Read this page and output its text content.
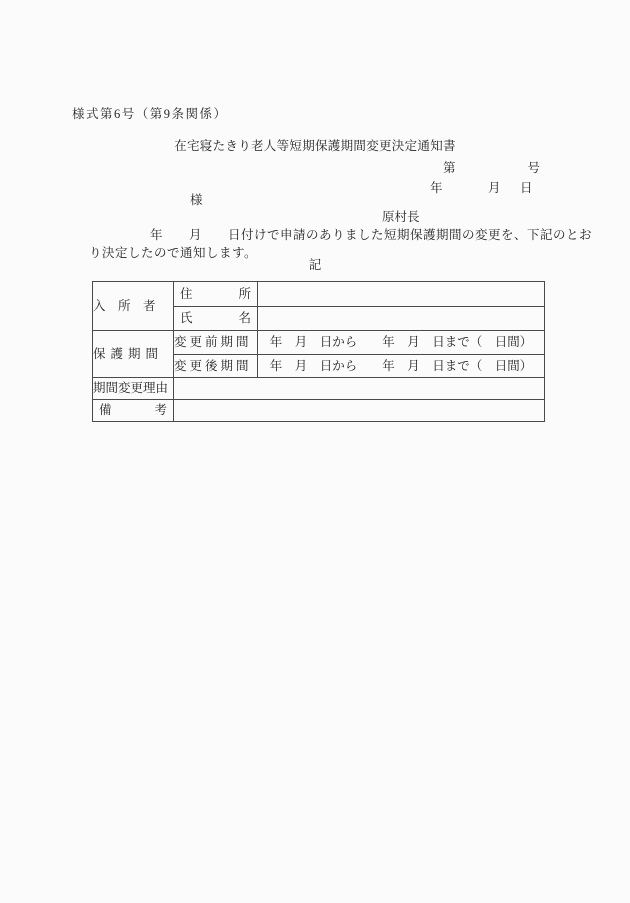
様式第6号（第9条関係）
在宅寝たきり老人等短期保護期間変更決定通知書
第	号
年	月 日
様
原村長
年　　月　　日付けで申請のありました短期保護期間の変更を、下記のとお
り決定したので通知します。
記
入所者	住 所	

	氏 名	

保護期間	変更前期間	年　月　日から　　年　月　日まで（　日間）
	変更後期間	年　月　日から　　年　月　日まで（　日間）
期間変更理由		

備 考		
